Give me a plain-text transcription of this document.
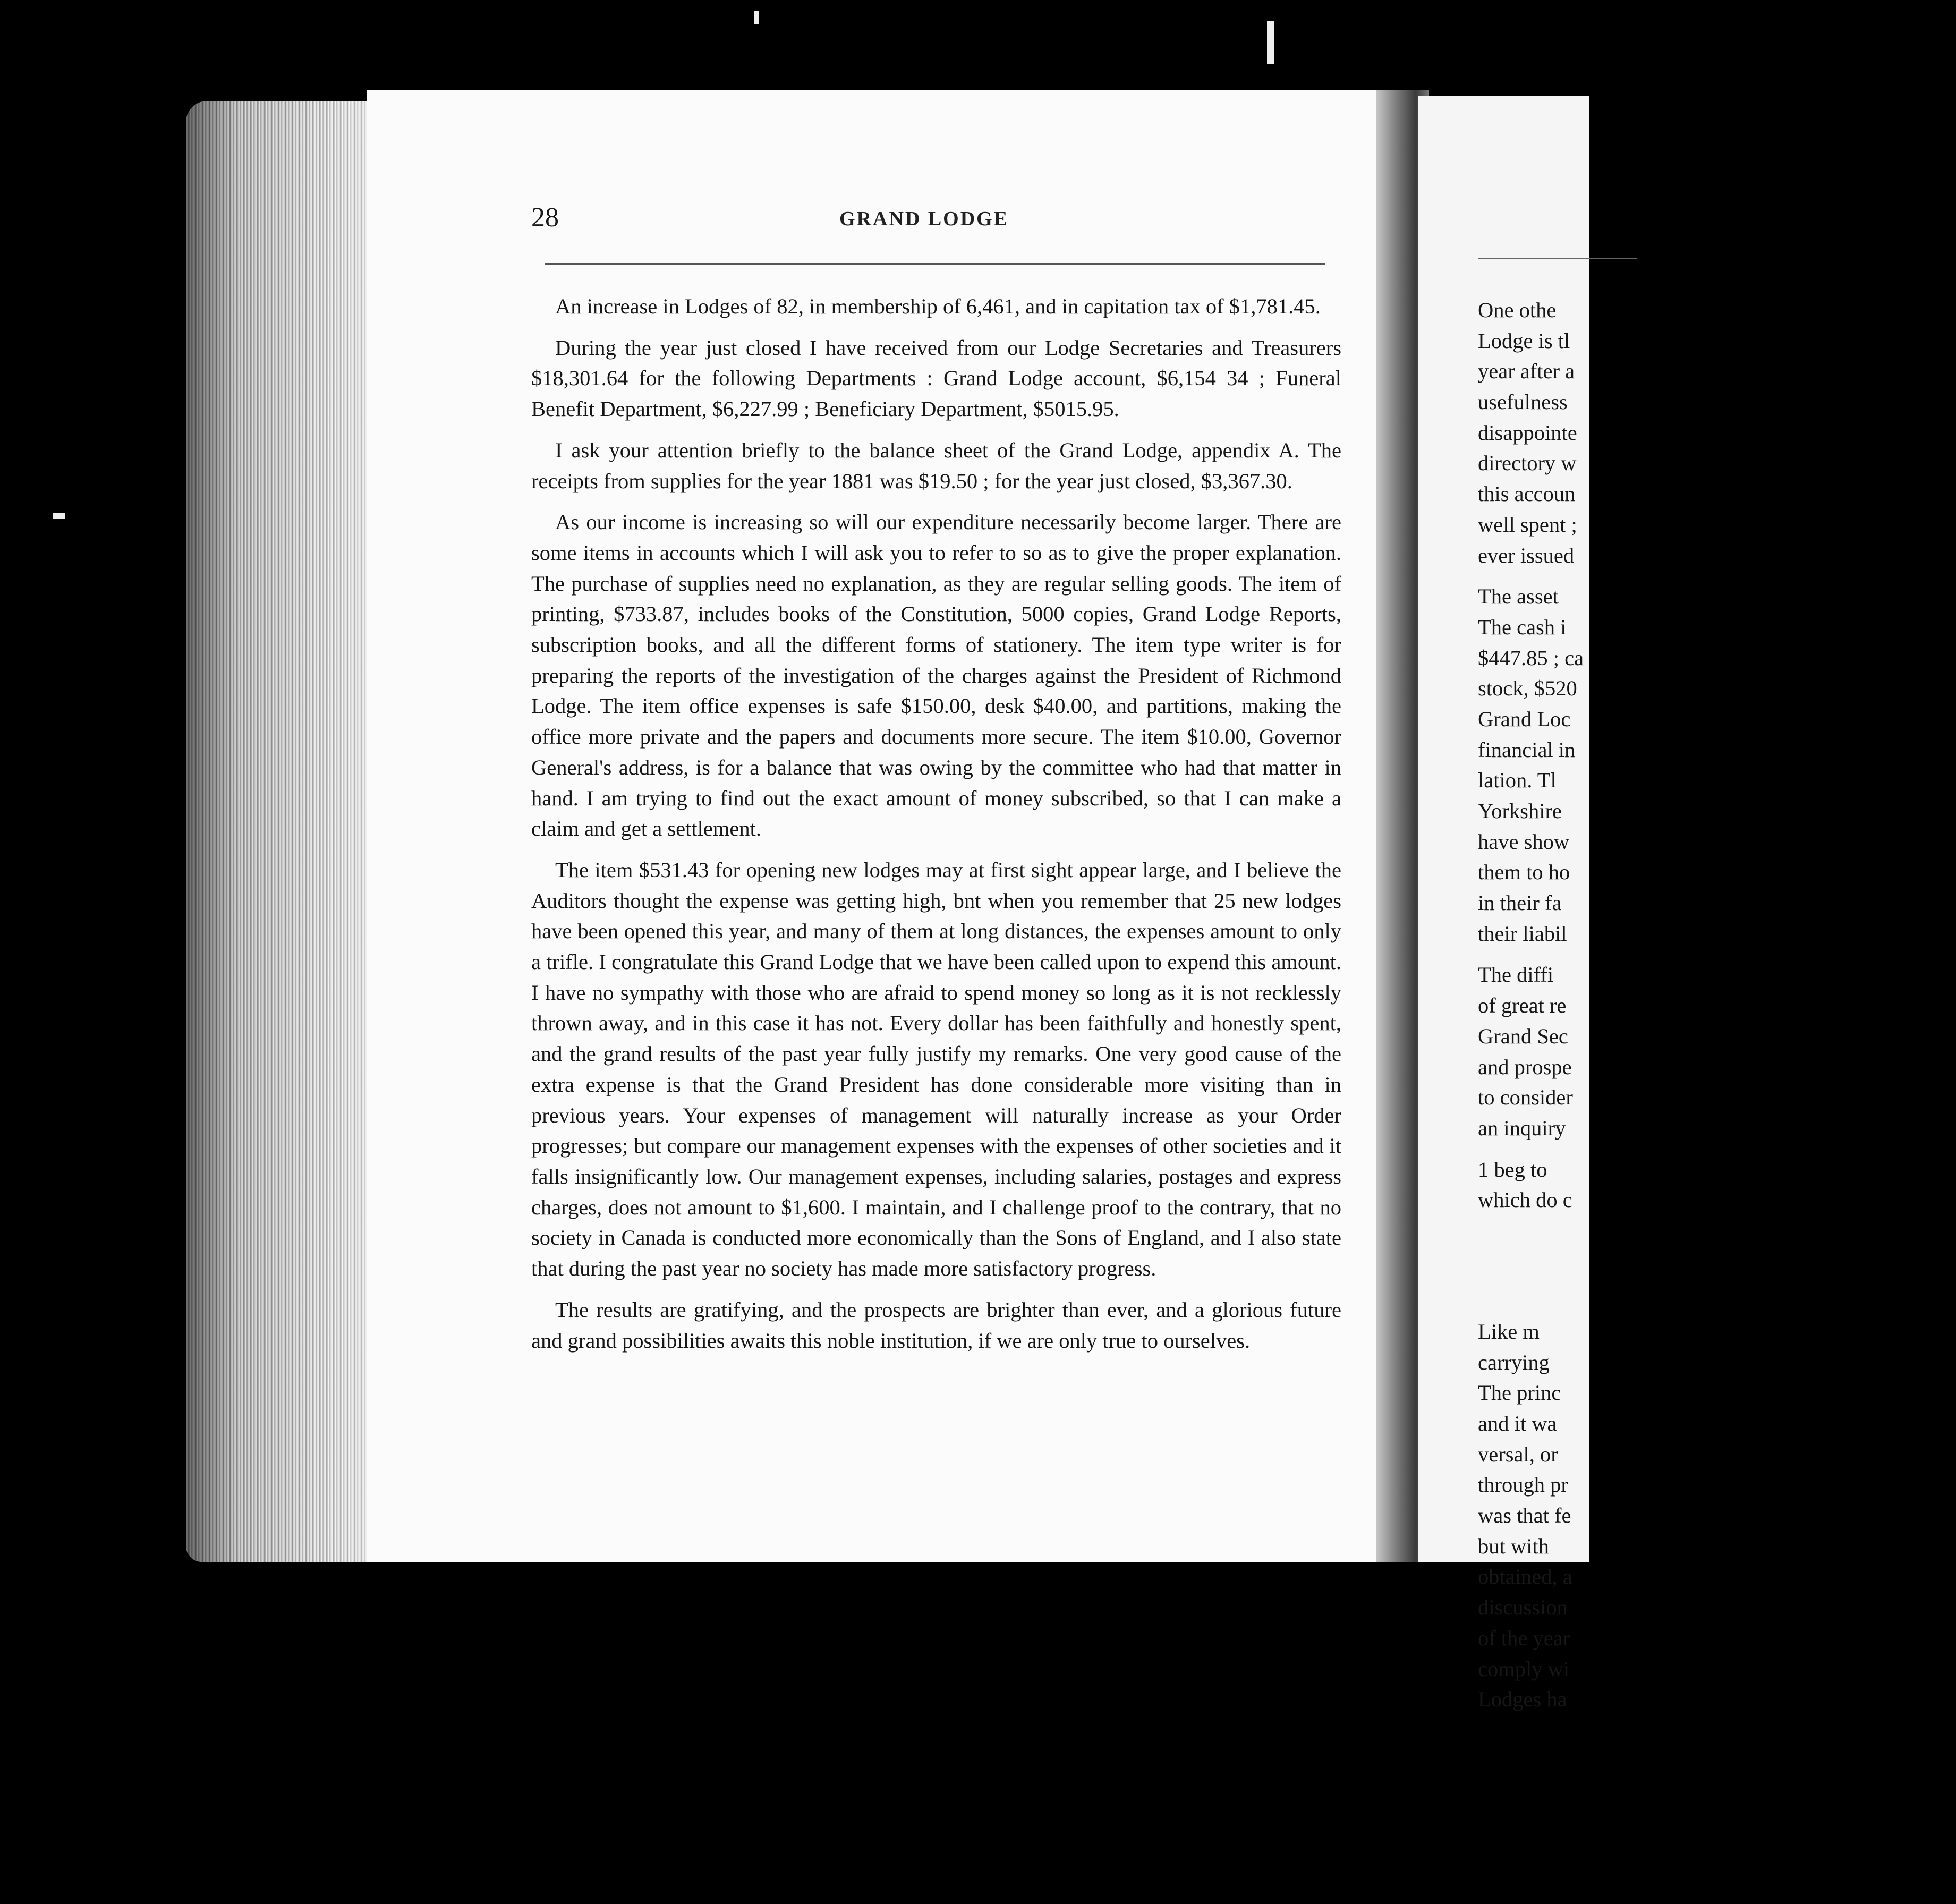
One othe
Lodge is tl
year after a
usefulness
disappointe
directory w
this accoun
well spent ;
ever issued
The asset
The cash i
$447.85 ; ca
stock, $520
Grand Loc
financial in
lation. Tl
Yorkshire
have show
them to ho
in their fa
their liabil
The diffi
of great re
Grand Sec
and prospe
to consider
an inquiry
1 beg to
which do c
Like m
carrying
The princ
and it wa
versal, or
through pr
was that fe
but with
obtained, a
discussion
of the year
comply wi
Lodges ha
28	GRAND LODGE

An increase in Lodges of 82, in membership of 6,461, and in capitation tax of $1,781.45.

During the year just closed I have received from our Lodge Secretaries and Treasurers $18,301.64 for the following Departments : Grand Lodge account, $6,154 34 ; Funeral Benefit Department, $6,227.99 ; Beneficiary Department, $5015.95.

I ask your attention briefly to the balance sheet of the Grand Lodge, appendix A. The receipts from supplies for the year 1881 was $19.50 ; for the year just closed, $3,367.30.

As our income is increasing so will our expenditure necessarily become larger. There are some items in accounts which I will ask you to refer to so as to give the proper explanation. The purchase of supplies need no explanation, as they are regular selling goods. The item of printing, $733.87, includes books of the Constitution, 5000 copies, Grand Lodge Reports, subscription books, and all the different forms of stationery. The item type writer is for preparing the reports of the investigation of the charges against the President of Richmond Lodge. The item office expenses is safe $150.00, desk $40.00, and partitions, making the office more private and the papers and documents more secure. The item $10.00, Governor General's address, is for a balance that was owing by the committee who had that matter in hand. I am trying to find out the exact amount of money subscribed, so that I can make a claim and get a settlement.

The item $531.43 for opening new lodges may at first sight appear large, and I believe the Auditors thought the expense was getting high, bnt when you remember that 25 new lodges have been opened this year, and many of them at long distances, the expenses amount to only a trifle. I congratulate this Grand Lodge that we have been called upon to expend this amount. I have no sympathy with those who are afraid to spend money so long as it is not recklessly thrown away, and in this case it has not. Every dollar has been faithfully and honestly spent, and the grand results of the past year fully justify my remarks. One very good cause of the extra expense is that the Grand President has done considerable more visiting than in previous years. Your expenses of management will naturally increase as your Order progresses; but compare our management expenses with the expenses of other societies and it falls insignificantly low. Our management expenses, including salaries, postages and express charges, does not amount to $1,600. I maintain, and I challenge proof to the contrary, that no society in Canada is conducted more economically than the Sons of England, and I also state that during the past year no society has made more satisfactory progress.

The results are gratifying, and the prospects are brighter than ever, and a glorious future and grand possibilities awaits this noble institution, if we are only true to ourselves.
